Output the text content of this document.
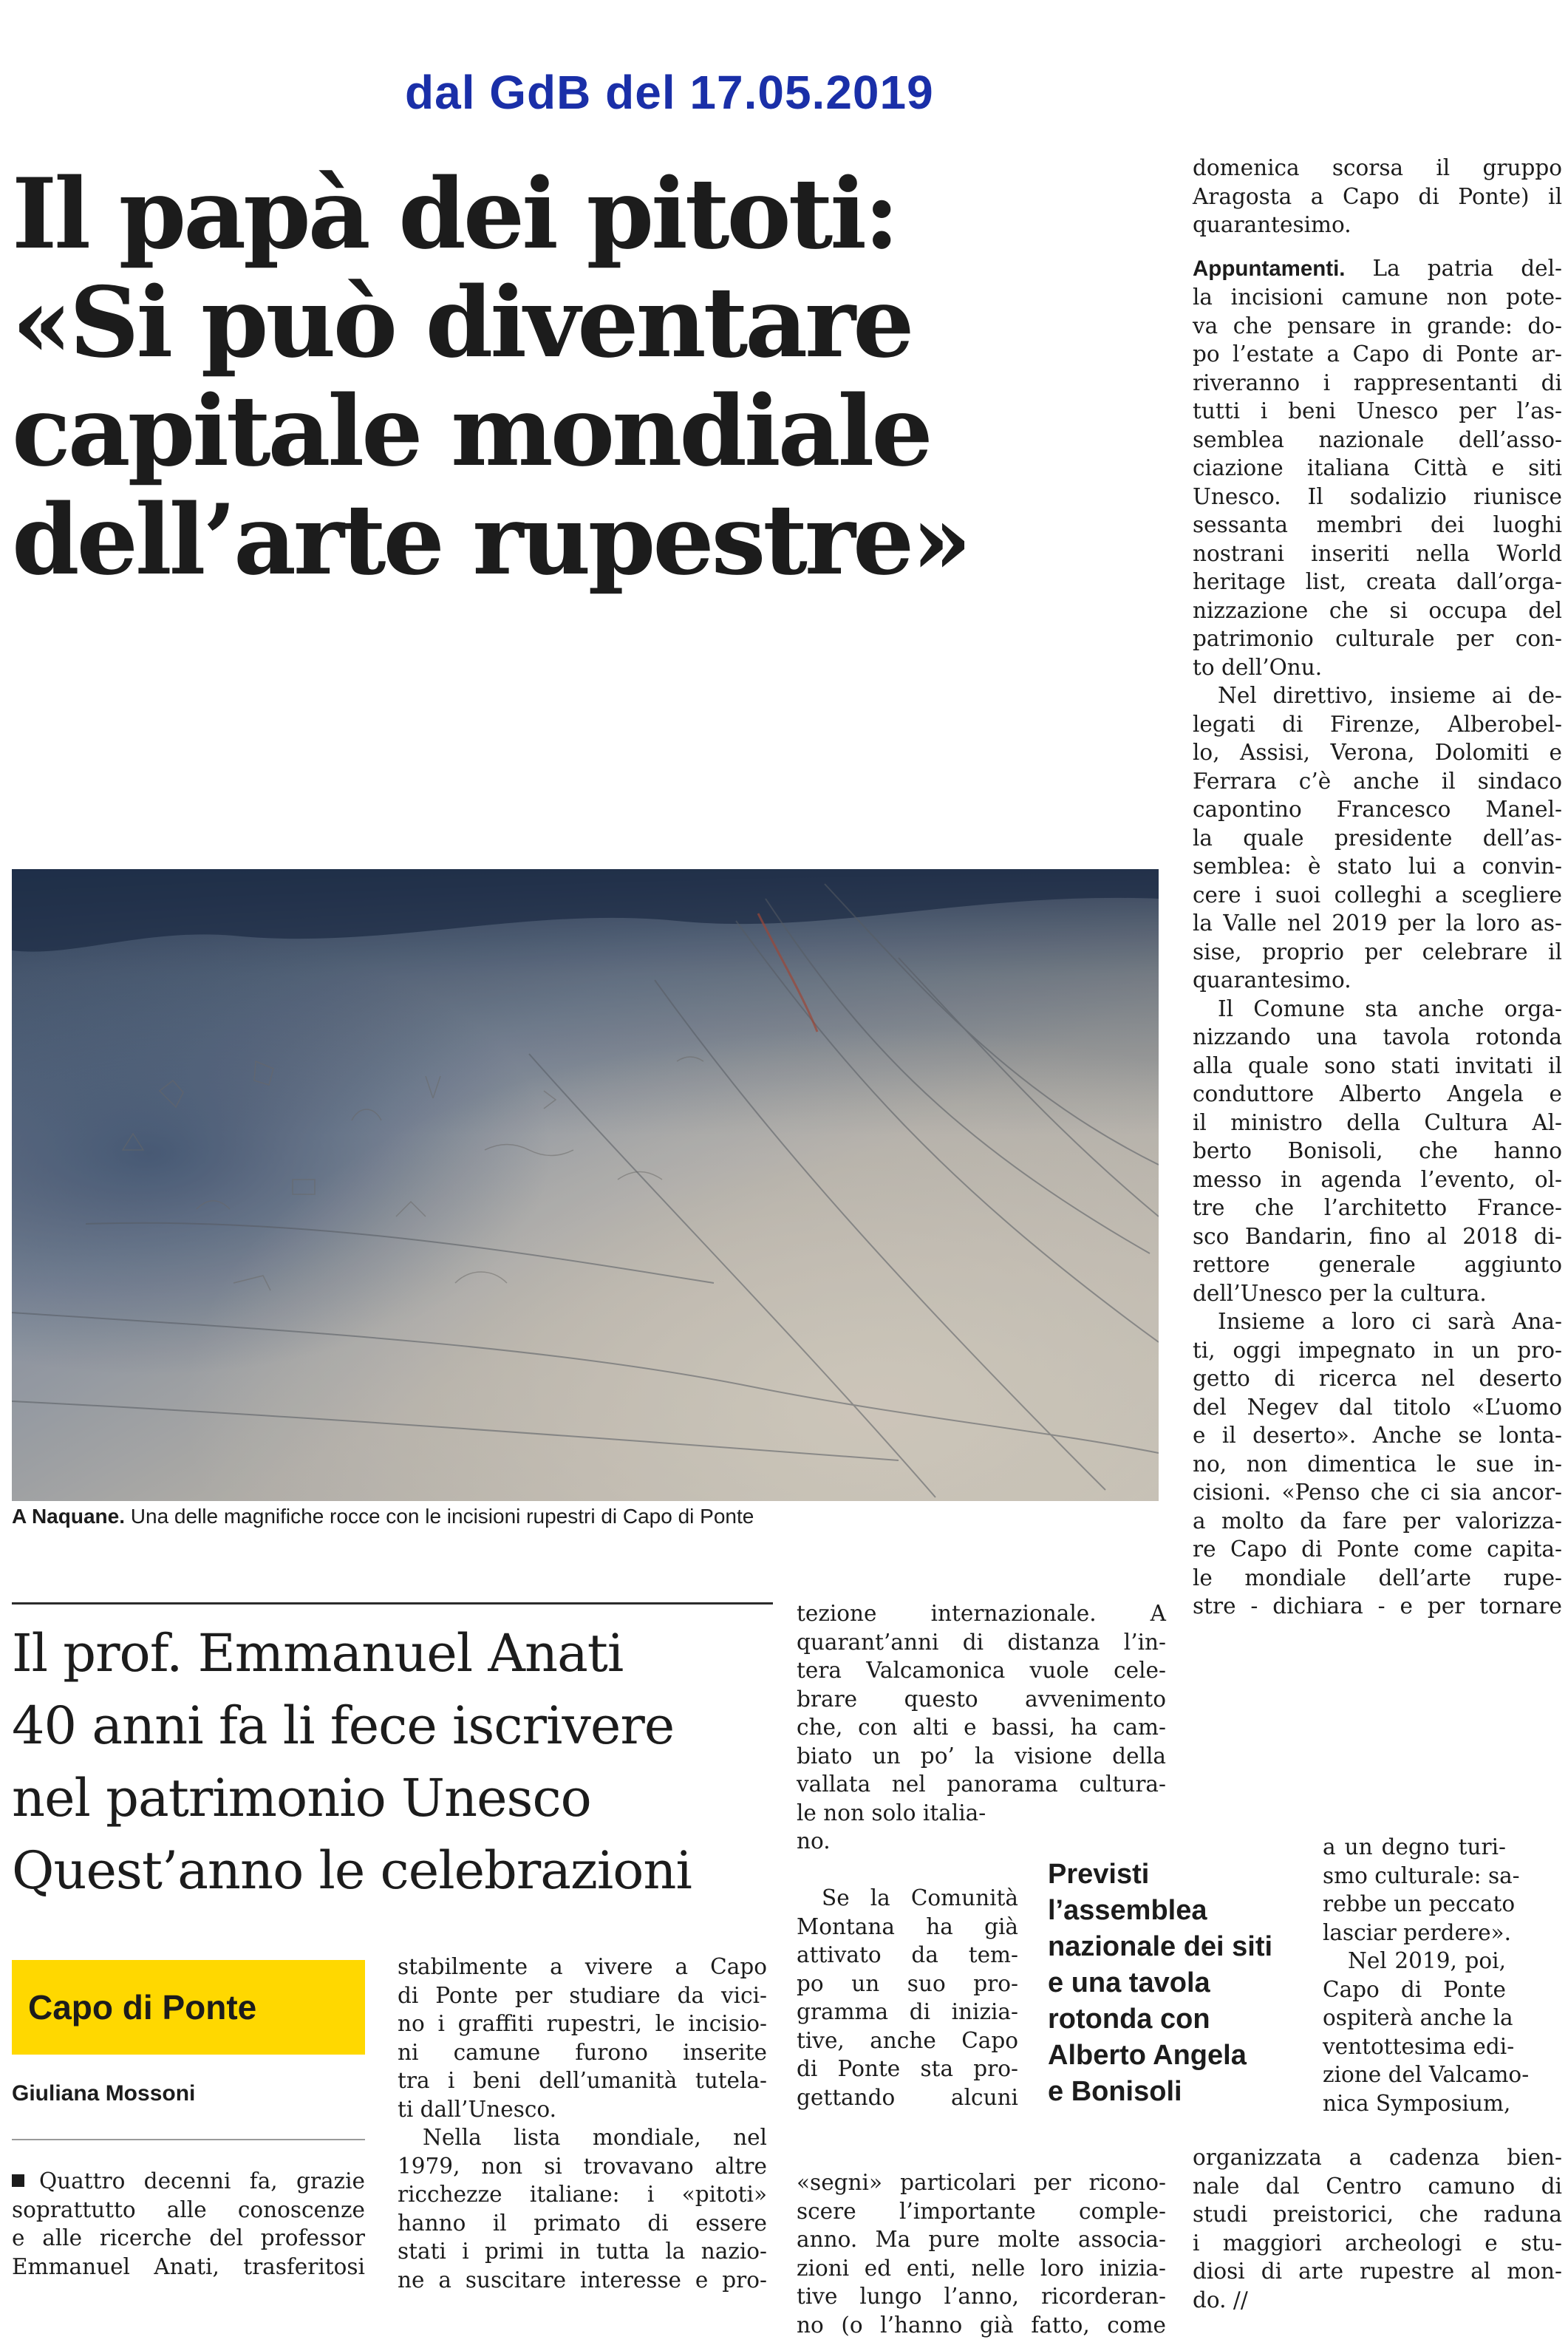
dal GdB del 17.05.2019
Il papà dei pitoti:
«Si può diventare
capitale mondiale
dell’arte rupestre»
A Naquane. Una delle magnifiche rocce con le incisioni rupestri di Capo di Ponte
Il prof. Emmanuel Anati
40 anni fa li fece iscrivere
nel patrimonio Unesco
Quest’anno le celebrazioni
Capo di Ponte
Giuliana Mossoni
Quattro decenni fa, grazie
soprattutto alle conoscenze
e alle ricerche del professor
Emmanuel Anati, trasferitosi
stabilmente a vivere a Capo
di Ponte per studiare da vici-
no i graffiti rupestri, le incisio-
ni camune furono inserite
tra i beni dell’umanità tutela-
ti dall’Unesco.
Nella lista mondiale, nel
1979, non si trovavano altre
ricchezze italiane: i «pitoti»
hanno il primato di essere
stati i primi in tutta la nazio-
ne a suscitare interesse e pro-
tezione internazionale. A
quarant’anni di distanza l’in-
tera Valcamonica vuole cele-
brare questo avvenimento
che, con alti e bassi, ha cam-
biato un po’ la visione della
vallata nel panorama cultura-
le non solo italia-
no.
Se la Comunità
Montana ha già
attivato da tem-
po un suo pro-
gramma di inizia-
tive, anche Capo
di Ponte sta pro-
gettando alcuni
«segni» particolari per ricono-
scere l’importante comple-
anno. Ma pure molte associa-
zioni ed enti, nelle loro inizia-
tive lungo l’anno, ricorderan-
no (o l’hanno già fatto, come
Previsti
l’assemblea
nazionale dei siti
e una tavola
rotonda con
Alberto Angela
e Bonisoli
domenica scorsa il gruppo
Aragosta a Capo di Ponte) il
quarantesimo.
Appuntamenti. La patria del-
la incisioni camune non pote-
va che pensare in grande: do-
po l’estate a Capo di Ponte ar-
riveranno i rappresentanti di
tutti i beni Unesco per l’as-
semblea nazionale dell’asso-
ciazione italiana Città e siti
Unesco. Il sodalizio riunisce
sessanta membri dei luoghi
nostrani inseriti nella World
heritage list, creata dall’orga-
nizzazione che si occupa del
patrimonio culturale per con-
to dell’Onu.
Nel direttivo, insieme ai de-
legati di Firenze, Alberobel-
lo, Assisi, Verona, Dolomiti e
Ferrara c’è anche il sindaco
capontino Francesco Manel-
la quale presidente dell’as-
semblea: è stato lui a convin-
cere i suoi colleghi a scegliere
la Valle nel 2019 per la loro as-
sise, proprio per celebrare il
quarantesimo.
Il Comune sta anche orga-
nizzando una tavola rotonda
alla quale sono stati invitati il
conduttore Alberto Angela e
il ministro della Cultura Al-
berto Bonisoli, che hanno
messo in agenda l’evento, ol-
tre che l’architetto France-
sco Bandarin, fino al 2018 di-
rettore generale aggiunto
dell’Unesco per la cultura.
Insieme a loro ci sarà Ana-
ti, oggi impegnato in un pro-
getto di ricerca nel deserto
del Negev dal titolo «L’uomo
e il deserto». Anche se lonta-
no, non dimentica le sue in-
cisioni. «Penso che ci sia ancor-
a molto da fare per valorizza-
re Capo di Ponte come capita-
le mondiale dell’arte rupe-
stre - dichiara - e per tornare
a un degno turi-
smo culturale: sa-
rebbe un peccato
lasciar perdere».
Nel 2019, poi,
Capo di Ponte
ospiterà anche la
ventottesima edi-
zione del Valcamo-
nica Symposium,
organizzata a cadenza bien-
nale dal Centro camuno di
studi preistorici, che raduna
i maggiori archeologi e stu-
diosi di arte rupestre al mon-
do. //
